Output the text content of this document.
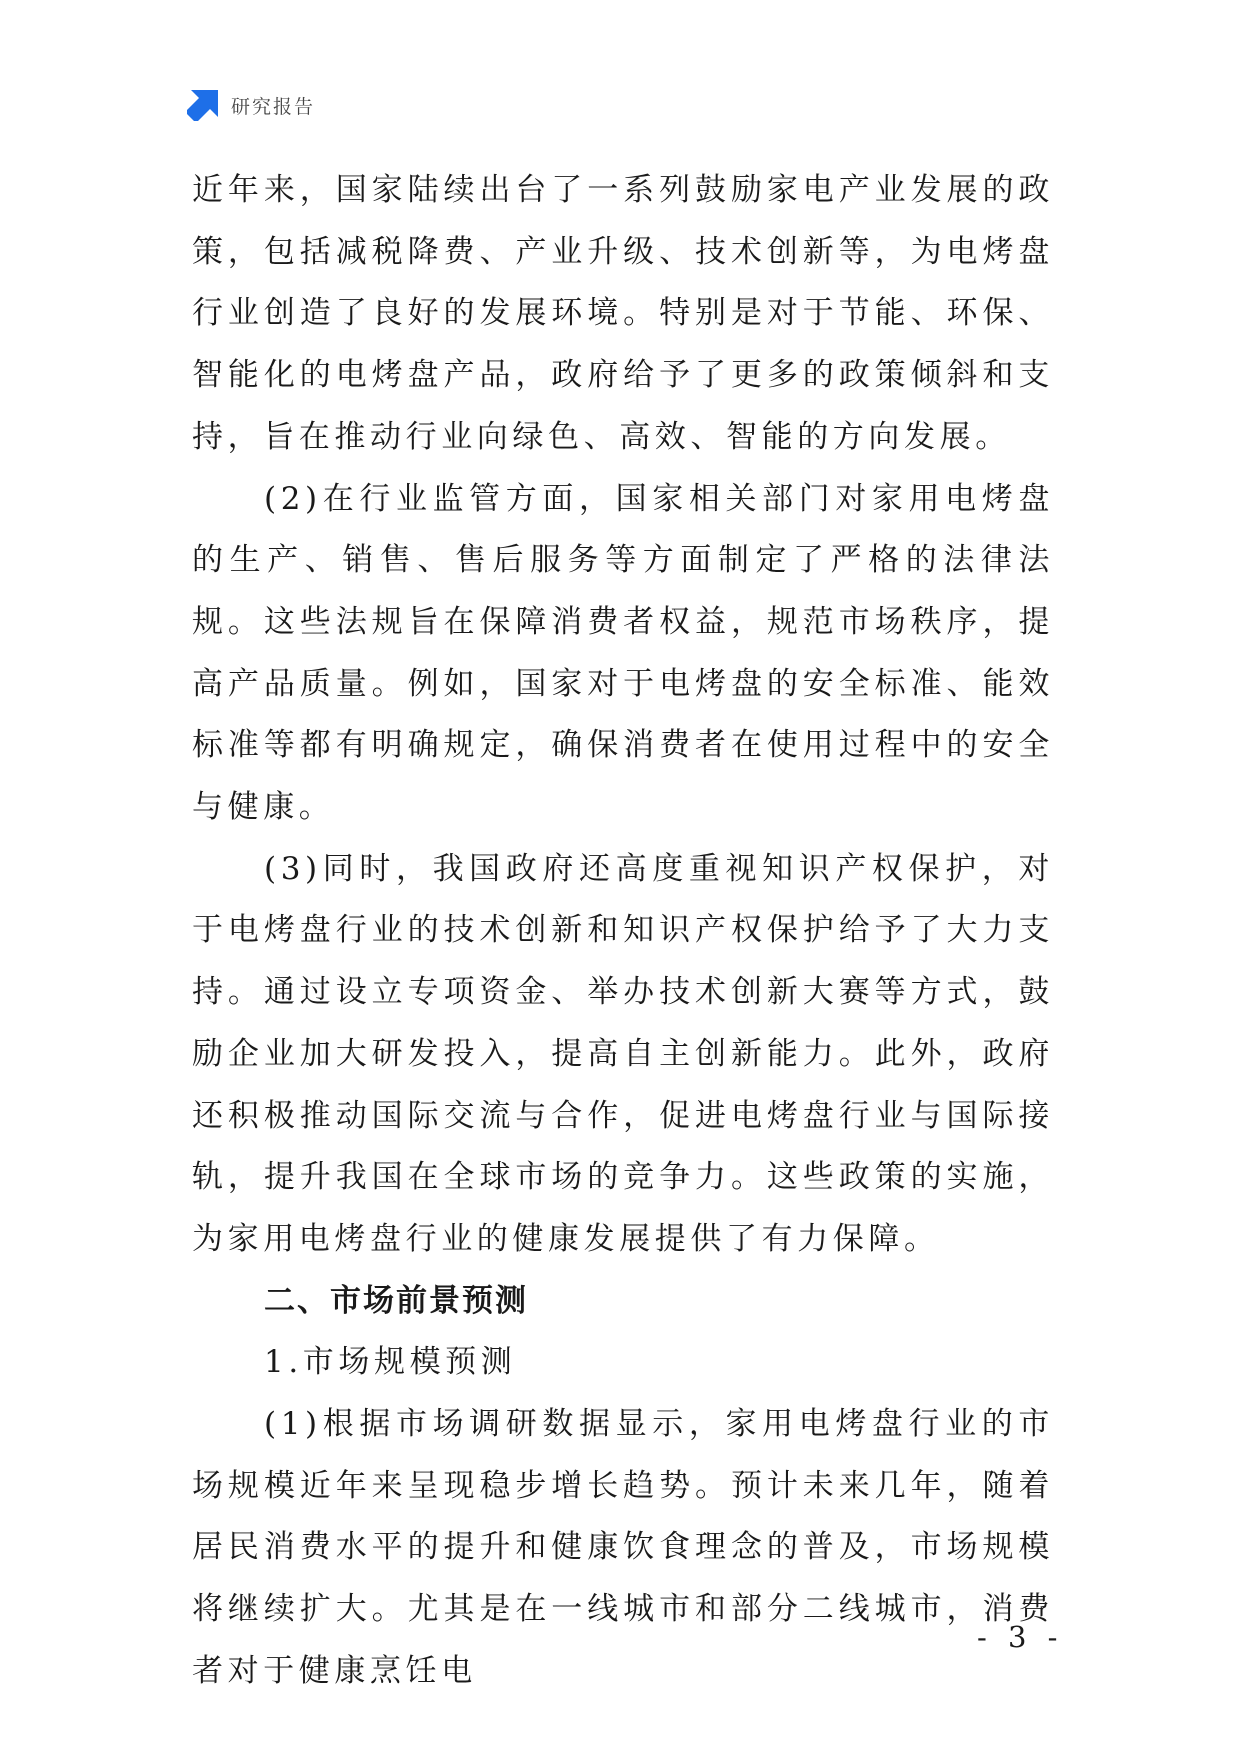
研究报告

近年来，国家陆续出台了一系列鼓励家电产业发展的政策，包括减税降费、产业升级、技术创新等，为电烤盘行业创造了良好的发展环境。特别是对于节能、环保、智能化的电烤盘产品，政府给予了更多的政策倾斜和支持，旨在推动行业向绿色、高效、智能的方向发展。

(2)在行业监管方面，国家相关部门对家用电烤盘的生产、销售、售后服务等方面制定了严格的法律法规。这些法规旨在保障消费者权益，规范市场秩序，提高产品质量。例如，国家对于电烤盘的安全标准、能效标准等都有明确规定，确保消费者在使用过程中的安全与健康。

(3)同时，我国政府还高度重视知识产权保护，对于电烤盘行业的技术创新和知识产权保护给予了大力支持。通过设立专项资金、举办技术创新大赛等方式，鼓励企业加大研发投入，提高自主创新能力。此外，政府还积极推动国际交流与合作，促进电烤盘行业与国际接轨，提升我国在全球市场的竞争力。这些政策的实施，为家用电烤盘行业的健康发展提供了有力保障。

二、市场前景预测

1.市场规模预测

(1)根据市场调研数据显示，家用电烤盘行业的市场规模近年来呈现稳步增长趋势。预计未来几年，随着居民消费水平的提升和健康饮食理念的普及，市场规模将继续扩大。尤其是在一线城市和部分二线城市，消费者对于健康烹饪电

- 3 -
